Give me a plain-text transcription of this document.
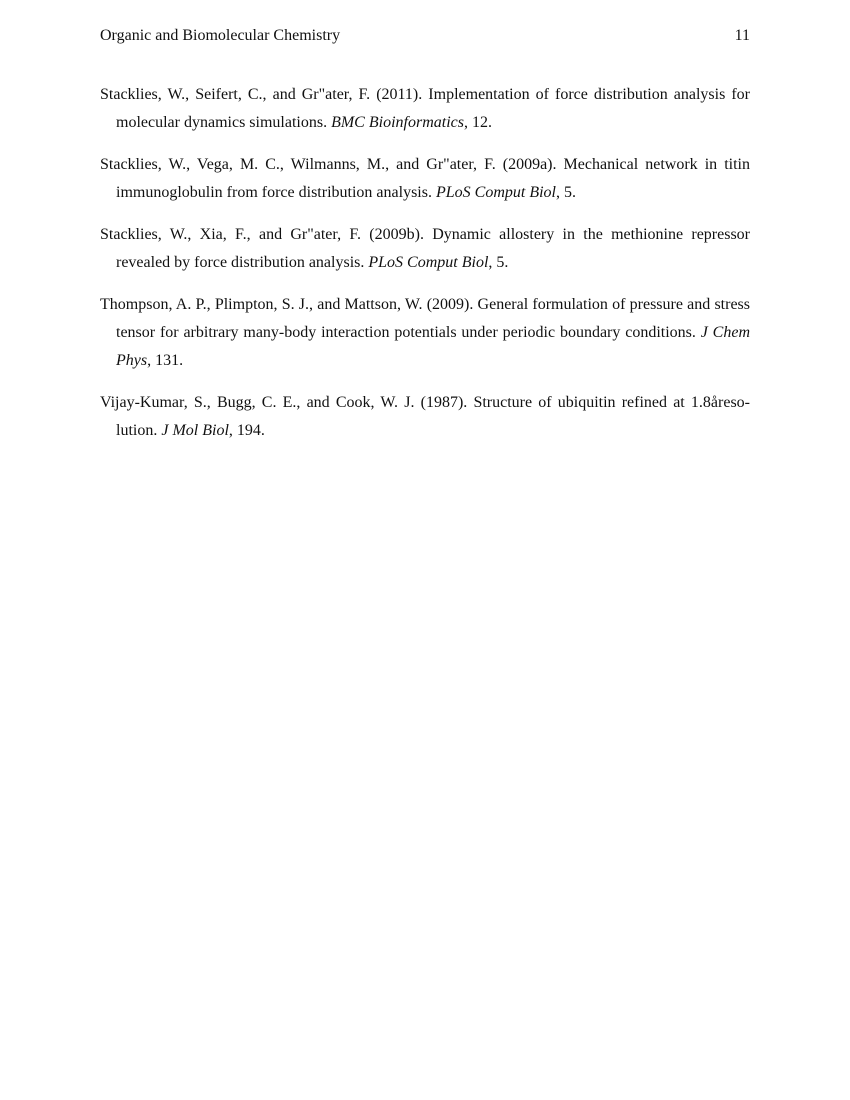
Organic and Biomolecular Chemistry	11

Stacklies, W., Seifert, C., and Gr"ater, F. (2011). Implementation of force distribution analysis for molecular dynamics simulations. BMC Bioinformatics, 12.

Stacklies, W., Vega, M. C., Wilmanns, M., and Gr"ater, F. (2009a). Mechanical network in titin immunoglobulin from force distribution analysis. PLoS Comput Biol, 5.

Stacklies, W., Xia, F., and Gr"ater, F. (2009b). Dynamic allostery in the methionine repressor revealed by force distribution analysis. PLoS Comput Biol, 5.

Thompson, A. P., Plimpton, S. J., and Mattson, W. (2009). General formulation of pressure and stress tensor for arbitrary many-body interaction potentials under periodic boundary conditions. J Chem Phys, 131.

Vijay-Kumar, S., Bugg, C. E., and Cook, W. J. (1987). Structure of ubiquitin refined at 1.8åresolution. J Mol Biol, 194.
